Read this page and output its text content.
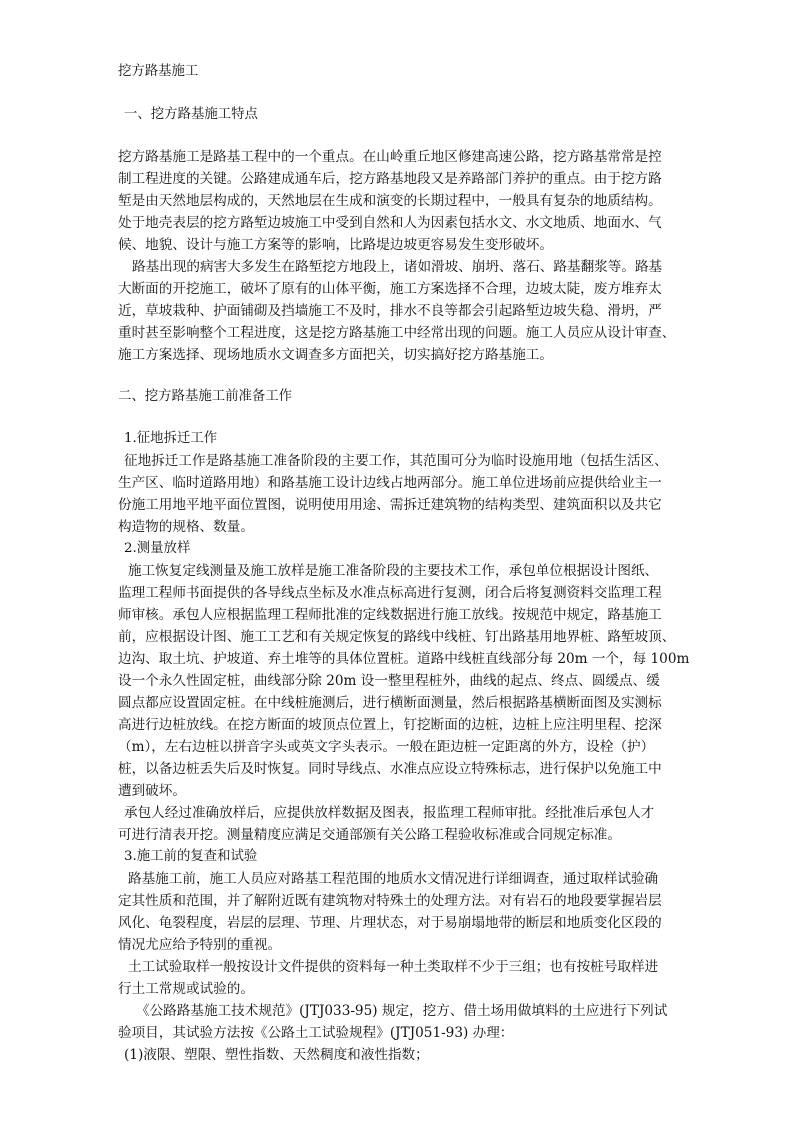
挖方路基施工
一、挖方路基施工特点
挖方路基施工是路基工程中的一个重点。在山岭重丘地区修建高速公路，挖方路基常常是控
制工程进度的关键。公路建成通车后，挖方路基地段又是养路部门养护的重点。由于挖方路
堑是由天然地层构成的，天然地层在生成和演变的长期过程中，一般具有复杂的地质结构。
处于地壳表层的挖方路堑边坡施工中受到自然和人为因素包括水文、水文地质、地面水、气
候、地貌、设计与施工方案等的影响，比路堤边坡更容易发生变形破坏。
路基出现的病害大多发生在路堑挖方地段上，诸如滑坡、崩坍、落石、路基翻浆等。路基
大断面的开挖施工，破坏了原有的山体平衡，施工方案选择不合理，边坡太陡，废方堆弃太
近，草坡栽种、护面铺砌及挡墙施工不及时，排水不良等都会引起路堑边坡失稳、滑坍，严
重时甚至影响整个工程进度，这是挖方路基施工中经常出现的问题。施工人员应从设计审查、
施工方案选择、现场地质水文调查多方面把关，切实搞好挖方路基施工。
二、挖方路基施工前准备工作
1.征地拆迁工作
征地拆迁工作是路基施工准备阶段的主要工作，其范围可分为临时设施用地（包括生活区、
生产区、临时道路用地）和路基施工设计边线占地两部分。施工单位进场前应提供给业主一
份施工用地平地平面位置图，说明使用用途、需拆迁建筑物的结构类型、建筑面积以及共它
构造物的规格、数量。
2.测量放样
施工恢复定线测量及施工放样是施工准备阶段的主要技术工作，承包单位根据设计图纸、
监理工程师书面提供的各导线点坐标及水准点标高进行复测，闭合后将复测资料交监理工程
师审核。承包人应根据监理工程师批准的定线数据进行施工放线。按规范中规定，路基施工
前，应根据设计图、施工工艺和有关规定恢复的路线中线桩、钉出路基用地界桩、路堑坡顶、
边沟、取土坑、护坡道、弃土堆等的具体位置桩。道路中线桩直线部分每 20m 一个，每 100m
设一个永久性固定桩，曲线部分除 20m 设一整里程桩外，曲线的起点、终点、圆缓点、缓
圆点都应设置固定桩。在中线桩施测后，进行横断面测量，然后根据路基横断面图及实测标
高进行边桩放线。在挖方断面的坡顶点位置上，钉挖断面的边桩，边桩上应注明里程、挖深
（m），左右边桩以拼音字头或英文字头表示。一般在距边桩一定距离的外方，设栓（护）
桩，以备边桩丢失后及时恢复。同时导线点、水准点应设立特殊标志，进行保护以免施工中
遭到破坏。
承包人经过准确放样后，应提供放样数据及图表，报监理工程师审批。经批准后承包人才
可进行清表开挖。测量精度应满足交通部颁有关公路工程验收标准或合同规定标准。
3.施工前的复查和试验
路基施工前，施工人员应对路基工程范围的地质水文情况进行详细调查，通过取样试验确
定其性质和范围，并了解附近既有建筑物对特殊土的处理方法。对有岩石的地段要掌握岩层
风化、龟裂程度，岩层的层理、节理、片理状态，对于易崩塌地带的断层和地质变化区段的
情况尤应给予特别的重视。
土工试验取样一般按设计文件提供的资料每一种土类取样不少于三组；也有按桩号取样进
行土工常规或试验的。
《公路路基施工技术规范》(JTJ033-95) 规定，挖方、借土场用做填料的土应进行下列试
验项目，其试验方法按《公路土工试验规程》(JTJ051-93) 办理：
(1)液限、塑限、塑性指数、天然稠度和液性指数；
